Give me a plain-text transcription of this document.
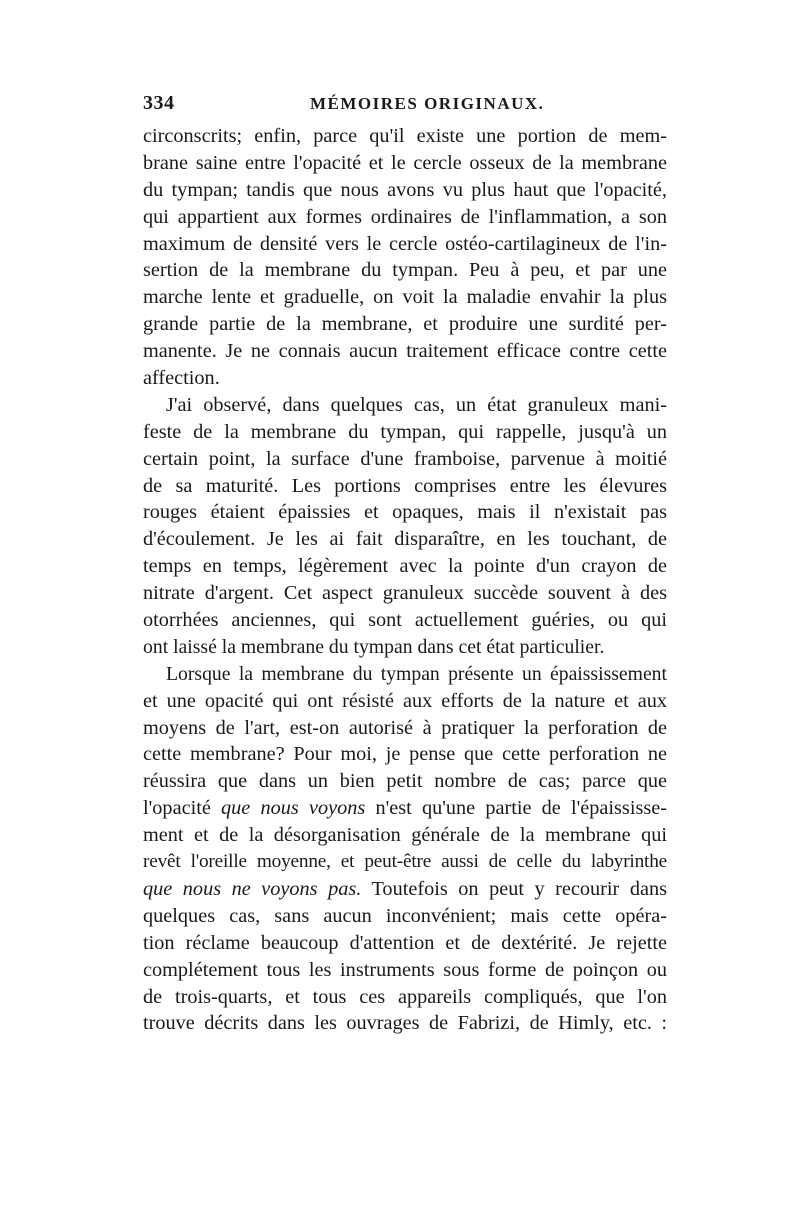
334	MÉMOIRES ORIGINAUX.
circonscrits; enfin, parce qu'il existe une portion de mem-
brane saine entre l'opacité et le cercle osseux de la membrane
du tympan; tandis que nous avons vu plus haut que l'opacité,
qui appartient aux formes ordinaires de l'inflammation, a son
maximum de densité vers le cercle ostéo-cartilagineux de l'in-
sertion de la membrane du tympan. Peu à peu, et par une
marche lente et graduelle, on voit la maladie envahir la plus
grande partie de la membrane, et produire une surdité per-
manente. Je ne connais aucun traitement efficace contre cette
affection.
J'ai observé, dans quelques cas, un état granuleux mani-
feste de la membrane du tympan, qui rappelle, jusqu'à un
certain point, la surface d'une framboise, parvenue à moitié
de sa maturité. Les portions comprises entre les élevures
rouges étaient épaissies et opaques, mais il n'existait pas
d'écoulement. Je les ai fait disparaître, en les touchant, de
temps en temps, légèrement avec la pointe d'un crayon de
nitrate d'argent. Cet aspect granuleux succède souvent à des
otorrhées anciennes, qui sont actuellement guéries, ou qui
ont laissé la membrane du tympan dans cet état particulier.
Lorsque la membrane du tympan présente un épaississement
et une opacité qui ont résisté aux efforts de la nature et aux
moyens de l'art, est-on autorisé à pratiquer la perforation de
cette membrane? Pour moi, je pense que cette perforation ne
réussira que dans un bien petit nombre de cas; parce que
l'opacité que nous voyons n'est qu'une partie de l'épaississe-
ment et de la désorganisation générale de la membrane qui
revêt l'oreille moyenne, et peut-être aussi de celle du labyrinthe
que nous ne voyons pas. Toutefois on peut y recourir dans
quelques cas, sans aucun inconvénient; mais cette opéra-
tion réclame beaucoup d'attention et de dextérité. Je rejette
complétement tous les instruments sous forme de poinçon ou
de trois-quarts, et tous ces appareils compliqués, que l'on
trouve décrits dans les ouvrages de Fabrizi, de Himly, etc. :
